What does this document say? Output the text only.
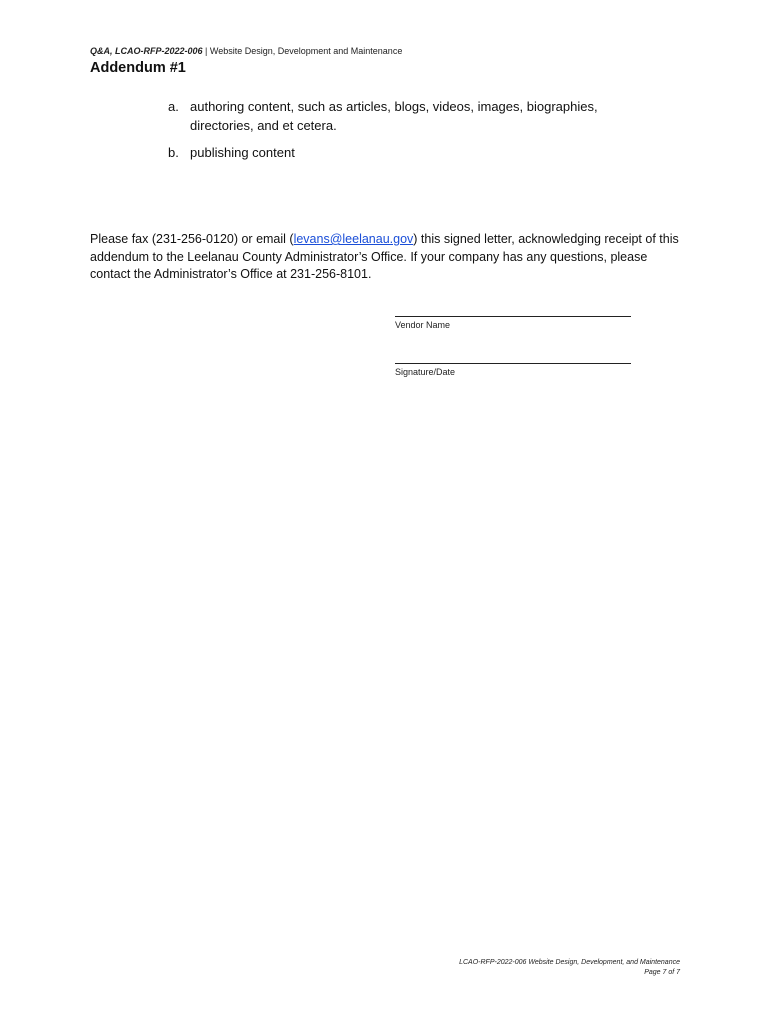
Q&A, LCAO-RFP-2022-006 | Website Design, Development and Maintenance
Addendum #1
a. authoring content, such as articles, blogs, videos, images, biographies, directories, and et cetera.
b. publishing content
Please fax (231-256-0120) or email (levans@leelanau.gov) this signed letter, acknowledging receipt of this addendum to the Leelanau County Administrator’s Office. If your company has any questions, please contact the Administrator’s Office at 231-256-8101.
Vendor Name
Signature/Date
LCAO-RFP-2022-006 Website Design, Development, and Maintenance
Page 7 of 7
